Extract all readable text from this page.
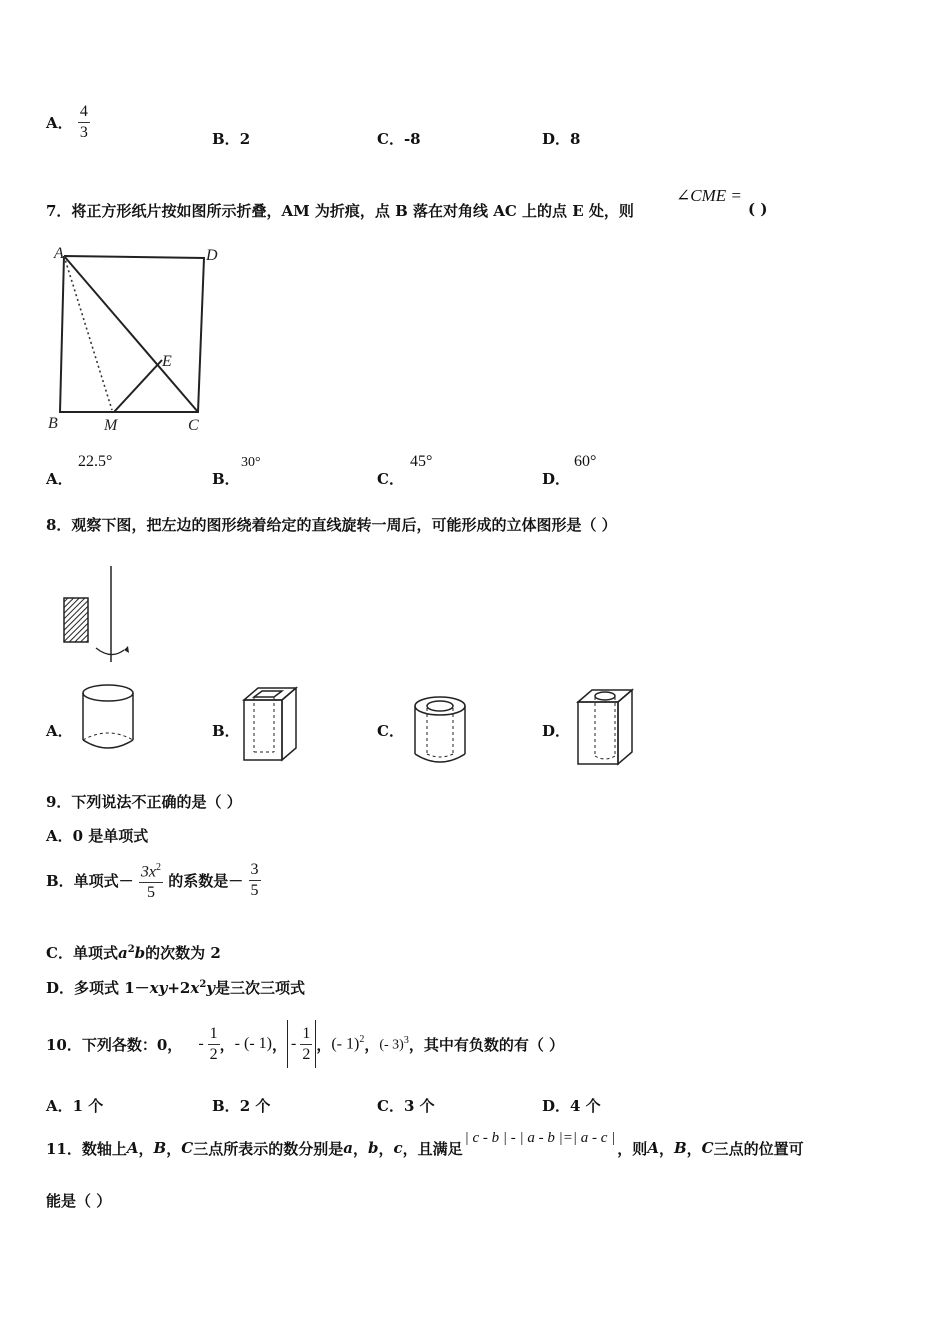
A． $\frac{4}{3}$	B．2	C．-8	D．8
7．将正方形纸片按如图所示折叠，AM 为折痕，点 B 落在对角线 AC 上的点 E 处，则
∠CME =
( )
A	D
E
B	M	C
A．
22.5°
B．
30°
C．
45°
D．
60°
8．观察下图，把左边的图形绕着给定的直线旋转一周后，可能形成的立体图形是（ ）
A．	B．	C．	D．
9．下列说法不正确的是（ ）
A．0 是单项式
B．单项式－ $\frac{3x^2}{5}$ 的系数是－ $\frac{3}{5}$
C．单项式$a^2b$的次数为 2
D．多项式 $1-xy+2x^2y$是三次三项式
10．下列各数：0， - $\frac{1}{2}$ ， - (- 1) ， - $\frac{1}{2}$ ， (- 1)$^2$ ， (- 3)$^3$ ，其中有负数的有（ ）
A．1 个	B．2 个	C．3 个	D．4 个
11．数轴上 A ， B ， C 三点所表示的数分别是 a ， b ， c ，且满足
| c - b | - | a - b |=| a - c |
，则 A ， B ， C 三点的位置可
能是（ ）
